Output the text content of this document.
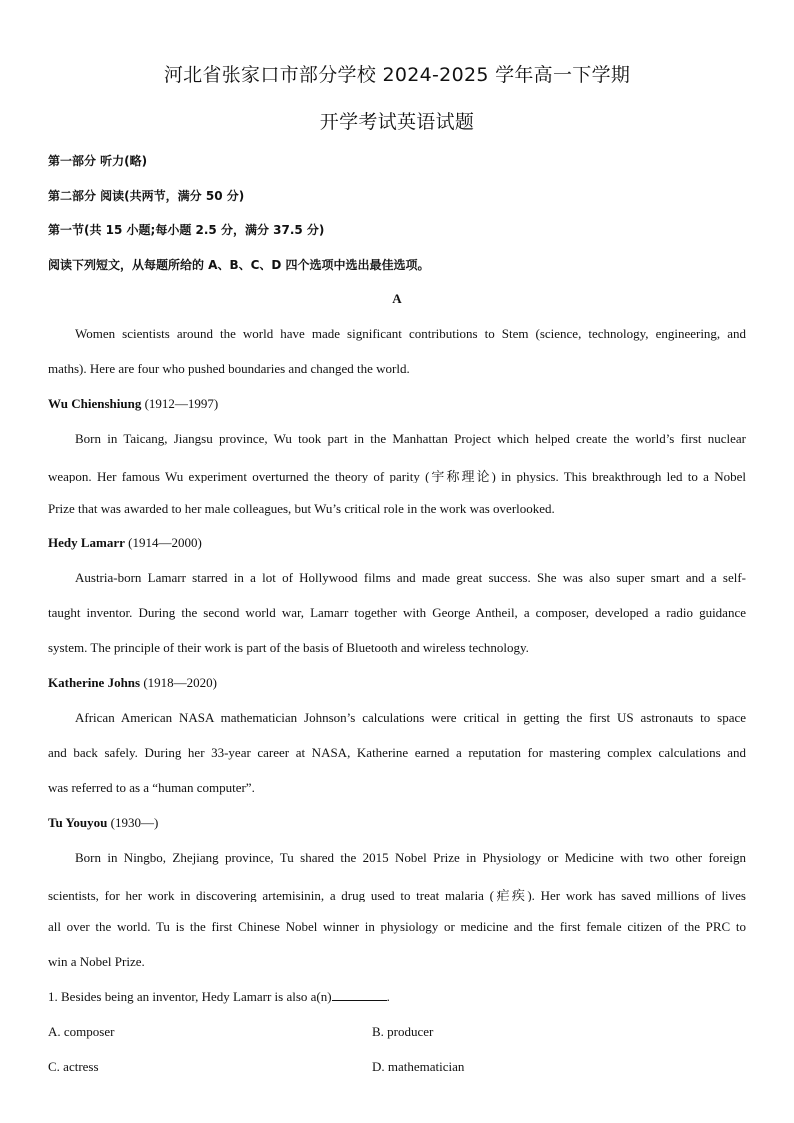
河北省张家口市部分学校 2024-2025 学年高一下学期
开学考试英语试题
第一部分 听力(略)
第二部分 阅读(共两节，满分 50 分)
第一节(共 15 小题;每小题 2.5 分，满分 37.5 分)
阅读下列短文，从每题所给的 A、B、C、D 四个选项中选出最佳选项。
A
Women scientists around the world have made significant contributions to Stem (science, technology, engineering, and
maths). Here are four who pushed boundaries and changed the world.
Wu Chienshiung (1912—1997)
Born in Taicang, Jiangsu province, Wu took part in the Manhattan Project which helped create the world’s first nuclear
weapon. Her famous Wu experiment overturned the theory of parity (宇称理论) in physics. This breakthrough led to a Nobel
Prize that was awarded to her male colleagues, but Wu’s critical role in the work was overlooked.
Hedy Lamarr (1914—2000)
Austria-born Lamarr starred in a lot of Hollywood films and made great success. She was also super smart and a self-
taught inventor. During the second world war, Lamarr together with George Antheil, a composer, developed a radio guidance
system. The principle of their work is part of the basis of Bluetooth and wireless technology.
Katherine Johns (1918—2020)
African American NASA mathematician Johnson’s calculations were critical in getting the first US astronauts to space
and back safely. During her 33-year career at NASA, Katherine earned a reputation for mastering complex calculations and
was referred to as a “human computer”.
Tu Youyou (1930—)
Born in Ningbo, Zhejiang province, Tu shared the 2015 Nobel Prize in Physiology or Medicine with two other foreign
scientists, for her work in discovering artemisinin, a drug used to treat malaria (疟疾). Her work has saved millions of lives
all over the world. Tu is the first Chinese Nobel winner in physiology or medicine and the first female citizen of the PRC to
win a Nobel Prize.
1. Besides being an inventor, Hedy Lamarr is also a(n)	.
A. composer	B. producer
C. actress	D. mathematician
